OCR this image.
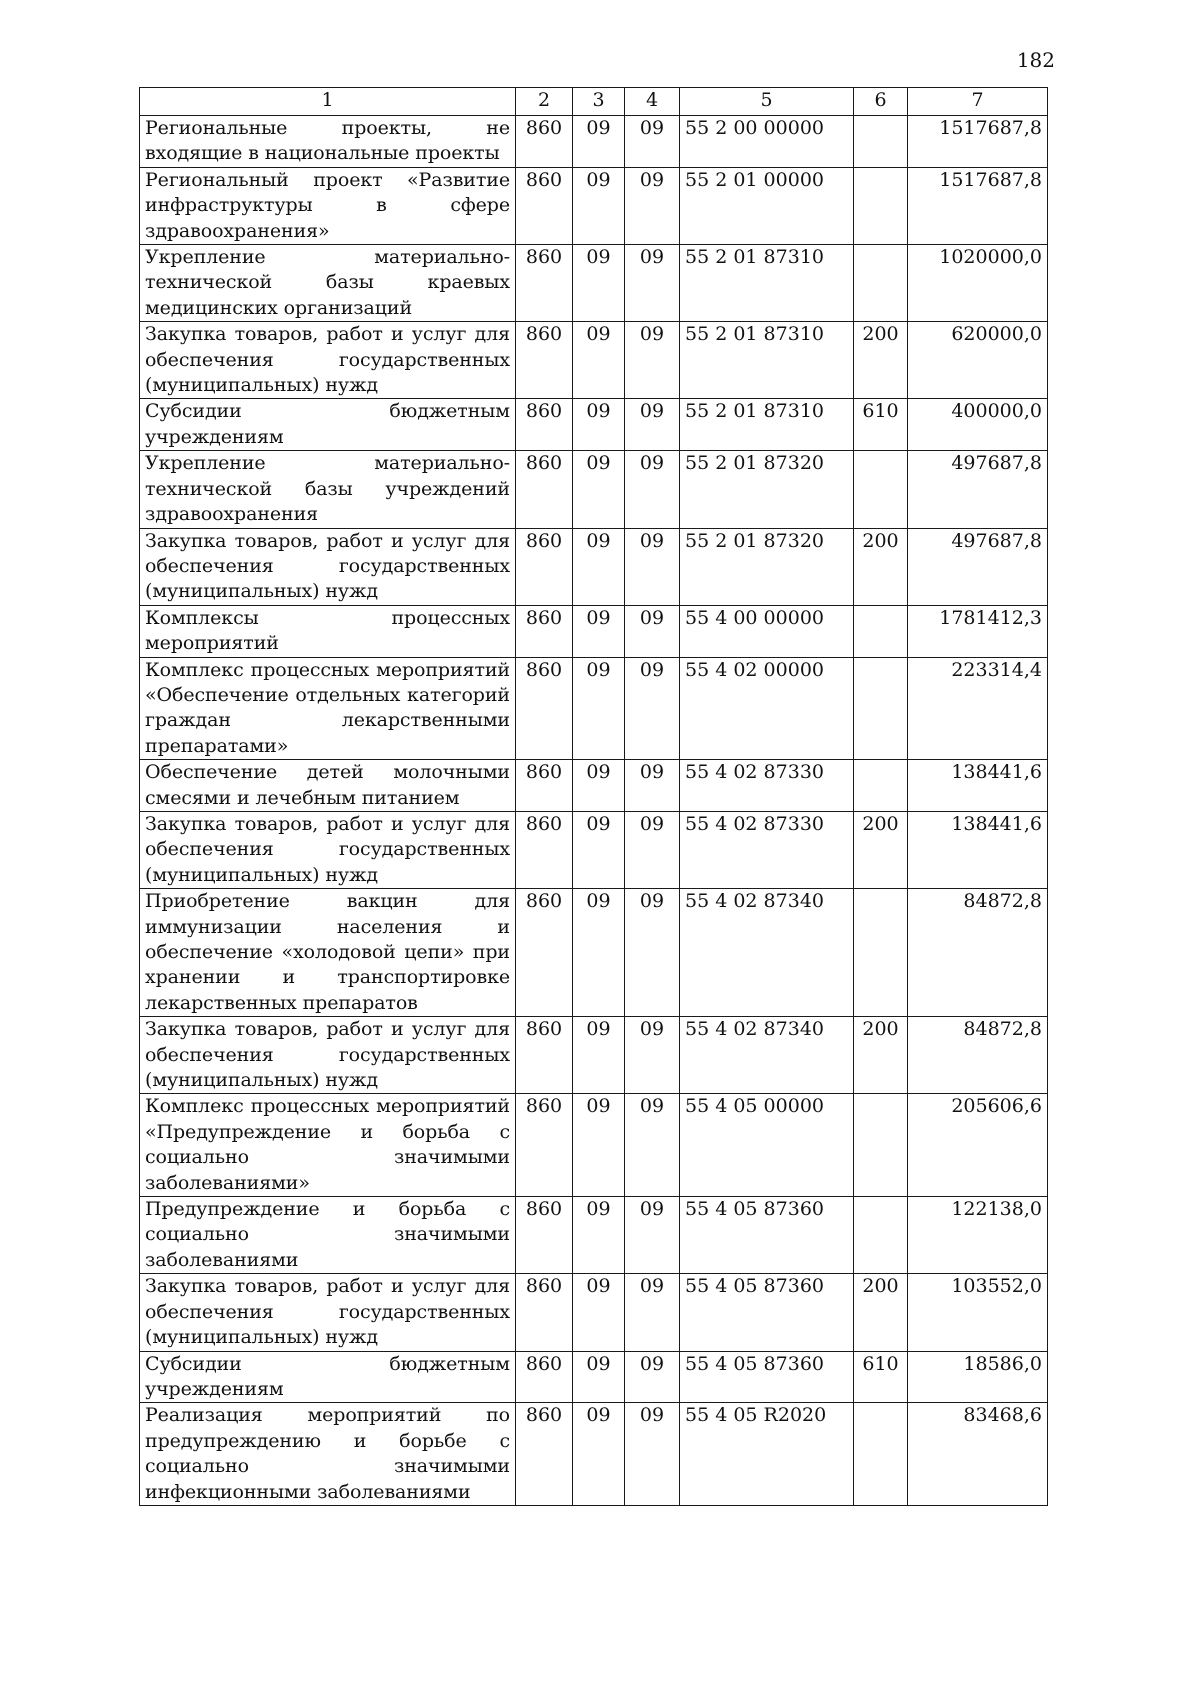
182
1	2	3	4	5	6	7
Региональные проекты, не входящие в национальные проекты	860	09	09	55 2 00 00000		1517687,8
Региональный проект «Развитие инфраструктуры в сфере здравоохранения»	860	09	09	55 2 01 00000		1517687,8
Укрепление материально-технической базы краевых медицинских организаций	860	09	09	55 2 01 87310		1020000,0
Закупка товаров, работ и услуг для обеспечения государственных (муниципальных) нужд	860	09	09	55 2 01 87310	200	620000,0
Субсидии бюджетным учреждениям	860	09	09	55 2 01 87310	610	400000,0
Укрепление материально-технической базы учреждений здравоохранения	860	09	09	55 2 01 87320		497687,8
Закупка товаров, работ и услуг для обеспечения государственных (муниципальных) нужд	860	09	09	55 2 01 87320	200	497687,8
Комплексы процессных мероприятий	860	09	09	55 4 00 00000		1781412,3
Комплекс процессных мероприятий «Обеспечение отдельных категорий граждан лекарственными препаратами»	860	09	09	55 4 02 00000		223314,4
Обеспечение детей молочными смесями и лечебным питанием	860	09	09	55 4 02 87330		138441,6
Закупка товаров, работ и услуг для обеспечения государственных (муниципальных) нужд	860	09	09	55 4 02 87330	200	138441,6
Приобретение вакцин для иммунизации населения и обеспечение «холодовой цепи» при хранении и транспортировке лекарственных препаратов	860	09	09	55 4 02 87340		84872,8
Закупка товаров, работ и услуг для обеспечения государственных (муниципальных) нужд	860	09	09	55 4 02 87340	200	84872,8
Комплекс процессных мероприятий «Предупреждение и борьба с социально значимыми заболеваниями»	860	09	09	55 4 05 00000		205606,6
Предупреждение и борьба с социально значимыми заболеваниями	860	09	09	55 4 05 87360		122138,0
Закупка товаров, работ и услуг для обеспечения государственных (муниципальных) нужд	860	09	09	55 4 05 87360	200	103552,0
Субсидии бюджетным учреждениям	860	09	09	55 4 05 87360	610	18586,0
Реализация мероприятий по предупреждению и борьбе с социально значимыми инфекционными заболеваниями	860	09	09	55 4 05 R2020		83468,6
